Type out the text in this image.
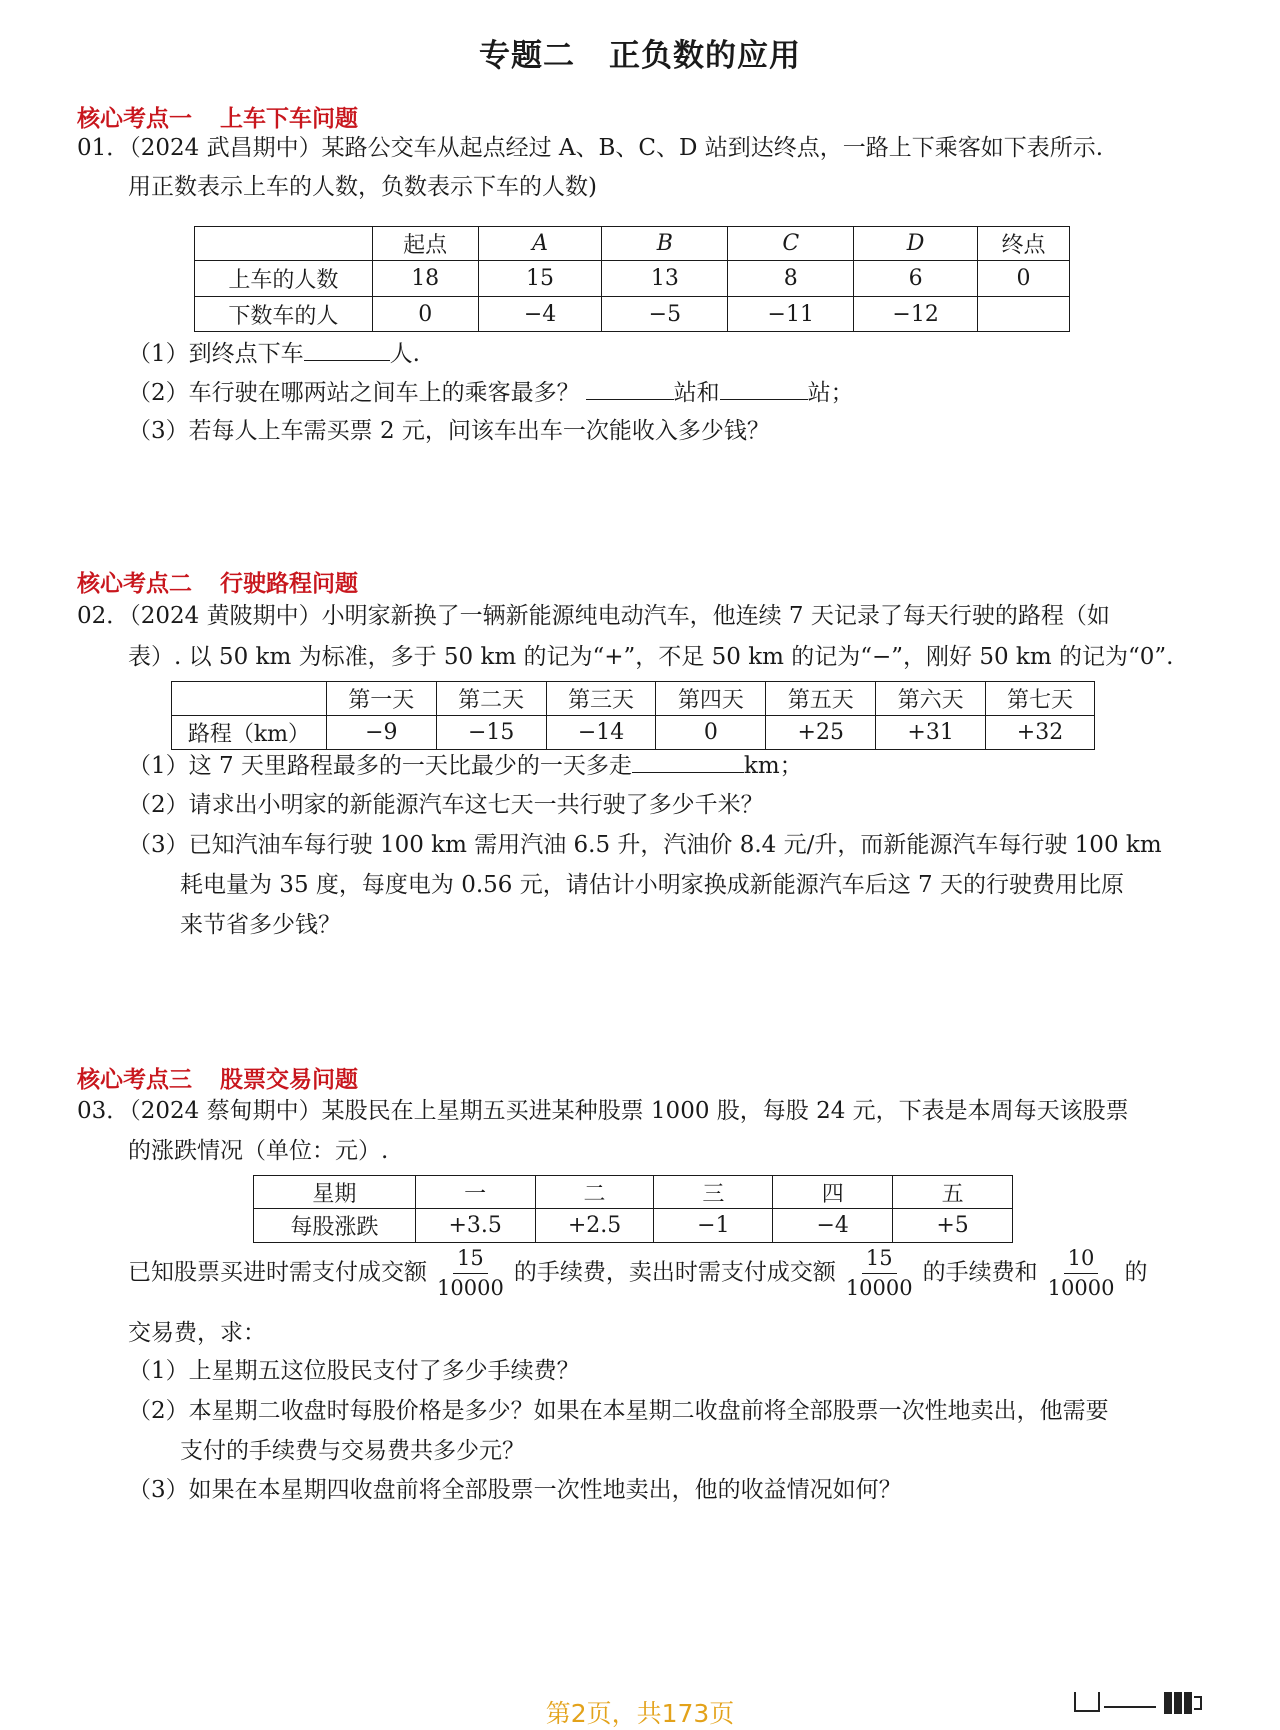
专题二 正负数的应用
核心考点一 上车下车问题
01．（2024 武昌期中）某路公交车从起点经过 A、B、C、D 站到达终点，一路上下乘客如下表所示.
用正数表示上车的人数，负数表示下车的人数)
	起点	A	B	C	D	终点
上车的人数	18	15	13	8	6	0
下数车的人	0	−4	−5	−11	−12	
（1）到终点下车	人.
（2）车行驶在哪两站之间车上的乘客最多？	站和	站；
（3）若每人上车需买票 2 元，问该车出车一次能收入多少钱？
核心考点二 行驶路程问题
02．（2024 黄陂期中）小明家新换了一辆新能源纯电动汽车，他连续 7 天记录了每天行驶的路程（如
表）. 以 50 km 为标准，多于 50 km 的记为“+”，不足 50 km 的记为“−”，刚好 50 km 的记为“0”.
	第一天	第二天	第三天	第四天	第五天	第六天	第七天
路程（km）	−9	−15	−14	0	+25	+31	+32
（1）这 7 天里路程最多的一天比最少的一天多走	km；
（2）请求出小明家的新能源汽车这七天一共行驶了多少千米？
（3）已知汽油车每行驶 100 km 需用汽油 6.5 升，汽油价 8.4 元/升，而新能源汽车每行驶 100 km
耗电量为 35 度，每度电为 0.56 元，请估计小明家换成新能源汽车后这 7 天的行驶费用比原
来节省多少钱？
核心考点三 股票交易问题
03．（2024 蔡甸期中）某股民在上星期五买进某种股票 1000 股，每股 24 元，下表是本周每天该股票
的涨跌情况（单位：元）.
星期	一	二	三	四	五
每股涨跌	+3.5	+2.5	−1	−4	+5
已知股票买进时需支付成交额 $\frac{15}{10000}$ 的手续费，卖出时需支付成交额 $\frac{15}{10000}$ 的手续费和 $\frac{10}{10000}$ 的
交易费，求：
（1）上星期五这位股民支付了多少手续费？
（2）本星期二收盘时每股价格是多少？如果在本星期二收盘前将全部股票一次性地卖出，他需要
支付的手续费与交易费共多少元？
（3）如果在本星期四收盘前将全部股票一次性地卖出，他的收益情况如何？
第2页，共173页
